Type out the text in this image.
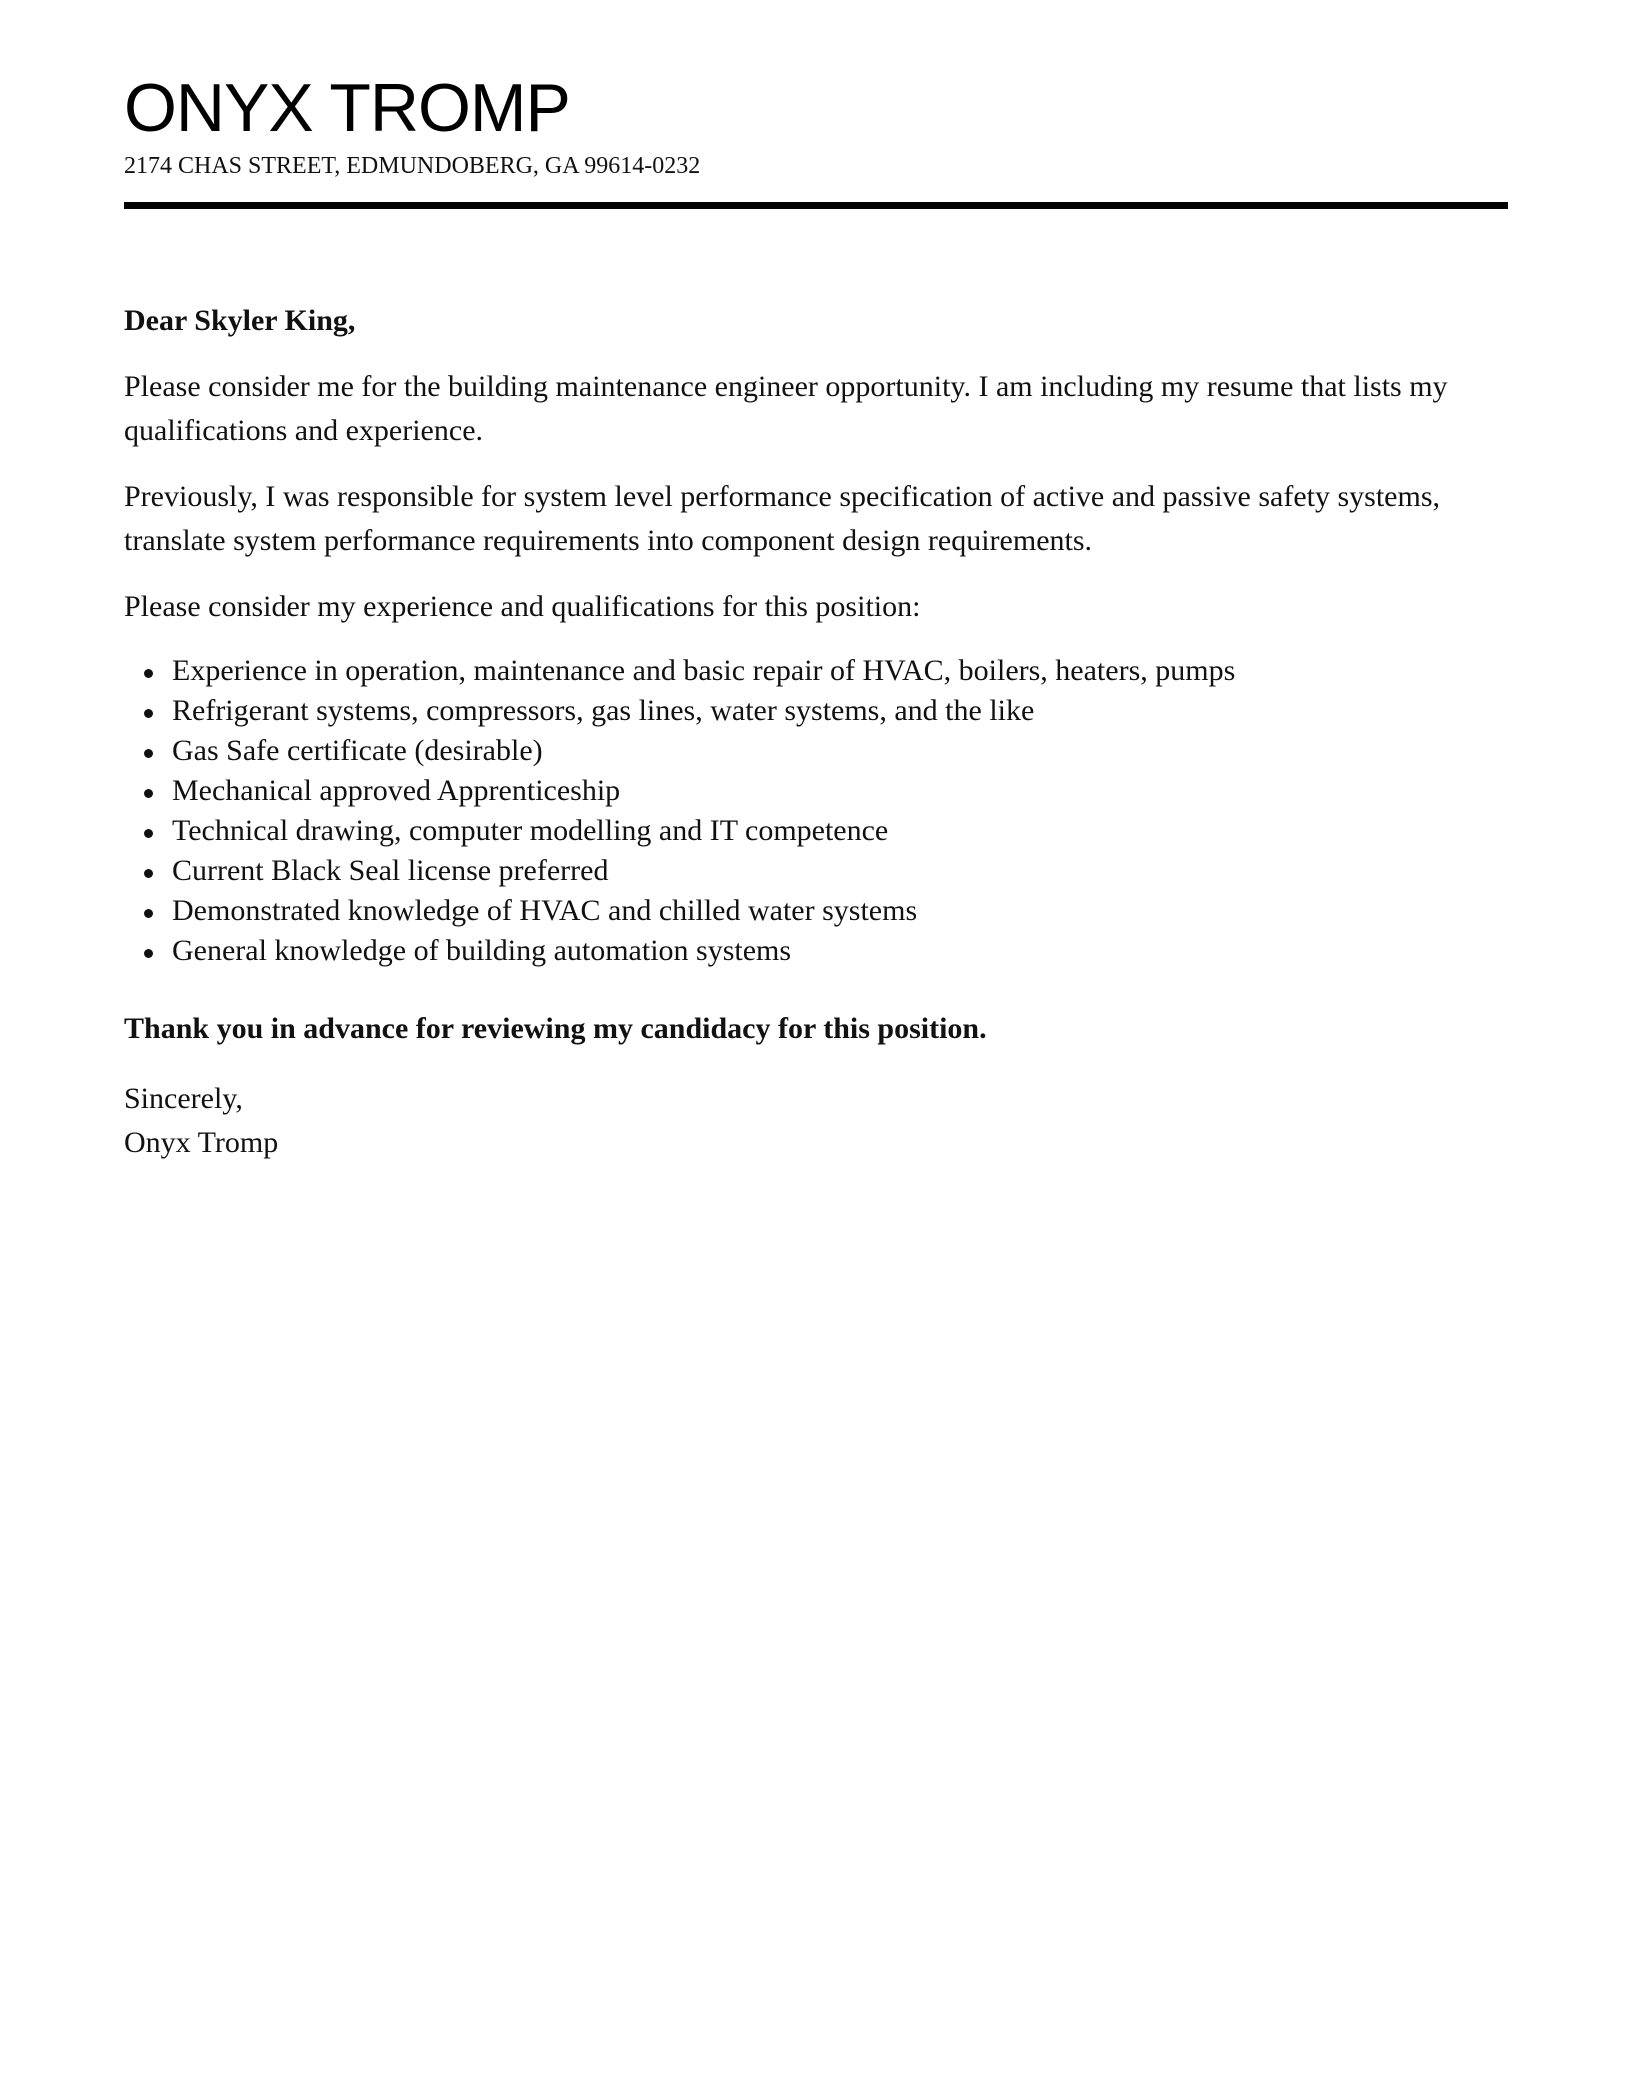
ONYX TROMP
2174 CHAS STREET, EDMUNDOBERG, GA 99614-0232
Dear Skyler King,

Please consider me for the building maintenance engineer opportunity. I am including my resume that lists my qualifications and experience.

Previously, I was responsible for system level performance specification of active and passive safety systems, translate system performance requirements into component design requirements.

Please consider my experience and qualifications for this position:

Experience in operation, maintenance and basic repair of HVAC, boilers, heaters, pumps
Refrigerant systems, compressors, gas lines, water systems, and the like
Gas Safe certificate (desirable)
Mechanical approved Apprenticeship
Technical drawing, computer modelling and IT competence
Current Black Seal license preferred
Demonstrated knowledge of HVAC and chilled water systems
General knowledge of building automation systems
Thank you in advance for reviewing my candidacy for this position.
Sincerely,
Onyx Tromp
